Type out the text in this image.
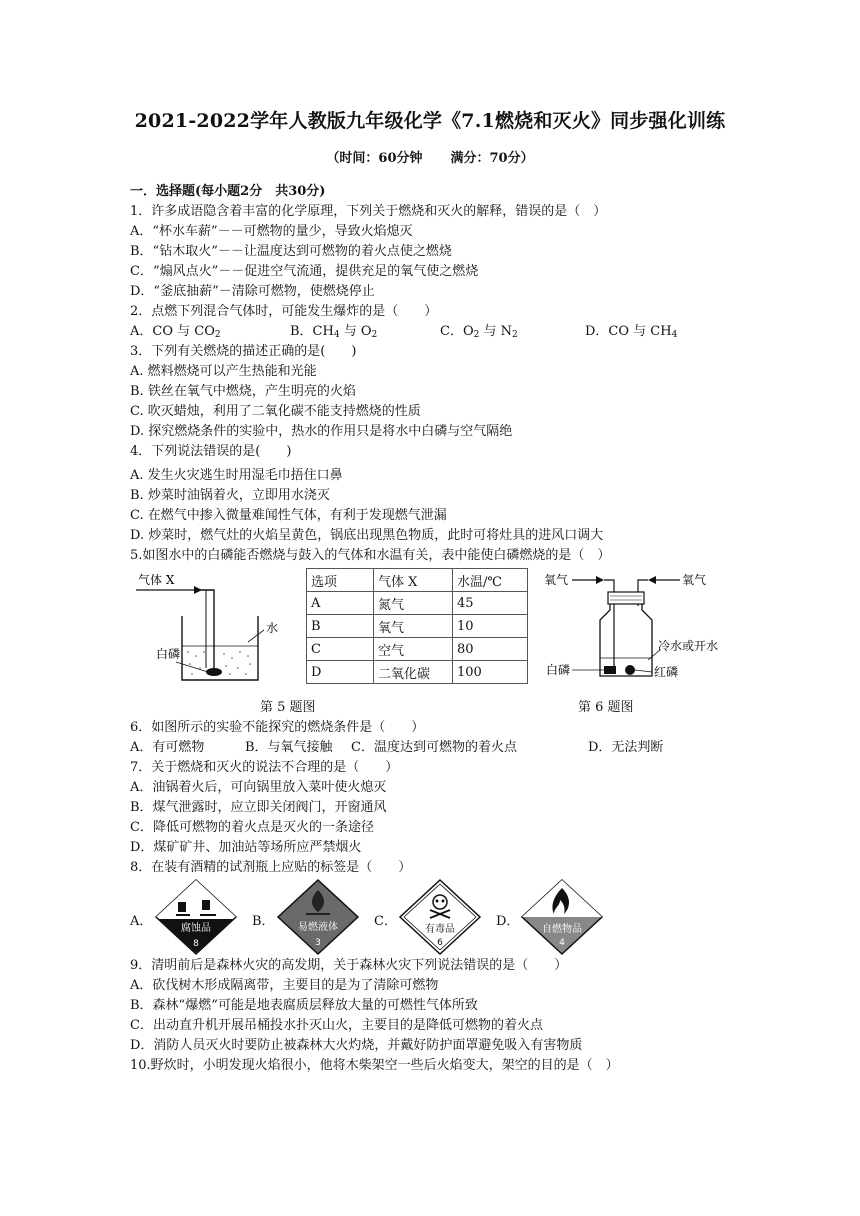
2021-2022学年人教版九年级化学《7.1燃烧和灭火》同步强化训练
（时间：60分钟 满分：70分）
一．选择题(每小题2分　共30分)
1．许多成语隐含着丰富的化学原理，下列关于燃烧和灭火的解释，错误的是（　）
A．“杯水车薪”－－可燃物的量少，导致火焰熄灭
B．“钻木取火”－－让温度达到可燃物的着火点使之燃烧
C．“煽风点火”－－促进空气流通，提供充足的氧气使之燃烧
D．“釜底抽薪”－清除可燃物，使燃烧停止
2．点燃下列混合气体时，可能发生爆炸的是（　　）
A．CO 与 $CO_2$	B．$CH_4$ 与 $O_2$	C．$O_2$ 与 $N_2$	D．CO 与 $CH_4$
3．下列有关燃烧的描述正确的是(　　)
A. 燃料燃烧可以产生热能和光能
B. 铁丝在氧气中燃烧，产生明亮的火焰
C. 吹灭蜡烛，利用了二氧化碳不能支持燃烧的性质
D. 探究燃烧条件的实验中，热水的作用只是将水中白磷与空气隔绝
4．下列说法错误的是(　　)
A. 发生火灾逃生时用湿毛巾捂住口鼻
B. 炒菜时油锅着火，立即用水浇灭
C. 在燃气中掺入微量难闻性气体，有利于发现燃气泄漏
D. 炒菜时，燃气灶的火焰呈黄色，锅底出现黑色物质，此时可将灶具的进风口调大
5.如图水中的白磷能否燃烧与鼓入的气体和水温有关，表中能使白磷燃烧的是（　）
气体 X
水
白磷
选项	气体 X	水温/℃
A	氮气	45
B	氧气	10
C	空气	80
D	二氧化碳	100
氧气	氧气
冷水或开水
白磷	红磷
第 5 题图	第 6 题图
6．如图所示的实验不能探究的燃烧条件是（　　）
A．有可燃物	B．与氧气接触	C．温度达到可燃物的着火点	D．无法判断
7．关于燃烧和灭火的说法不合理的是（　　）
A．油锅着火后，可向锅里放入菜叶使火熄灭
B．煤气泄露时，应立即关闭阀门，开窗通风
C．降低可燃物的着火点是灭火的一条途径
D．煤矿矿井、加油站等场所应严禁烟火
8．在装有酒精的试剂瓶上应贴的标签是（　　）
A．	腐蚀品
8
B． 易燃液体
3
C．
有毒品
6
D．
自燃物品
4
9．清明前后是森林火灾的高发期，关于森林火灾下列说法错误的是（　　）
A．砍伐树木形成隔离带，主要目的是为了清除可燃物
B．森林“爆燃”可能是地表腐质层释放大量的可燃性气体所致
C．出动直升机开展吊桶投水扑灭山火，主要目的是降低可燃物的着火点
D．消防人员灭火时要防止被森林大火灼烧，并戴好防护面罩避免吸入有害物质
10.野炊时，小明发现火焰很小，他将木柴架空一些后火焰变大，架空的目的是（　）
